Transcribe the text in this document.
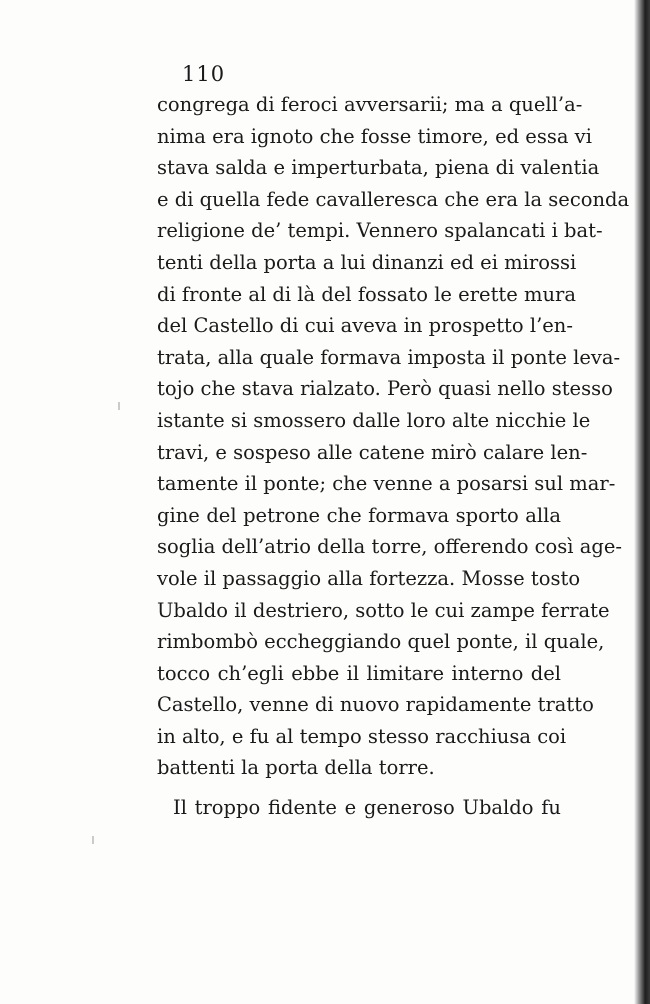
110
congrega di feroci avversarii; ma a quell’a-
nima era ignoto che fosse timore, ed essa vi
stava salda e imperturbata, piena di valentia
e di quella fede cavalleresca che era la seconda
religione de’ tempi. Vennero spalancati i bat-
tenti della porta a lui dinanzi ed ei mirossi
di fronte al di là del fossato le erette mura
del Castello di cui aveva in prospetto l’en-
trata, alla quale formava imposta il ponte leva-
tojo che stava rialzato. Però quasi nello stesso
istante si smossero dalle loro alte nicchie le
travi, e sospeso alle catene mirò calare len-
tamente il ponte; che venne a posarsi sul mar-
gine del petrone che formava sporto alla
soglia dell’atrio della torre, offerendo così age-
vole il passaggio alla fortezza. Mosse tosto
Ubaldo il destriero, sotto le cui zampe ferrate
rimbombò eccheggiando quel ponte, il quale,
tocco ch’egli ebbe il limitare interno del
Castello, venne di nuovo rapidamente tratto
in alto, e fu al tempo stesso racchiusa coi
battenti la porta della torre.
Il troppo fidente e generoso Ubaldo fu
